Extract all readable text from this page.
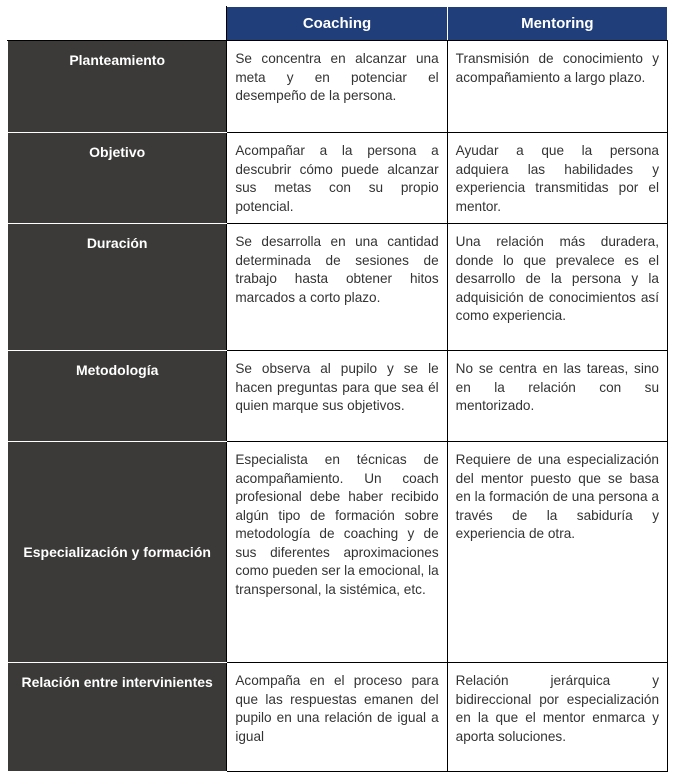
	Coaching	Mentoring
Planteamiento	Se concentra en alcanzar una meta y en potenciar el desempeño de la persona.	Transmisión de conocimiento y acompañamiento a largo plazo.
Objetivo	Acompañar a la persona a descubrir cómo puede alcanzar sus metas con su propio potencial.	Ayudar a que la persona adquiera las habilidades y experiencia transmitidas por el mentor.
Duración	Se desarrolla en una cantidad determinada de sesiones de trabajo hasta obtener hitos marcados a corto plazo.	Una relación más duradera, donde lo que prevalece es el desarrollo de la persona y la adquisición de conocimientos así como experiencia.
Metodología	Se observa al pupilo y se le hacen preguntas para que sea él quien marque sus objetivos.	No se centra en las tareas, sino en la relación con su mentorizado.
Especialización y formación	Especialista en técnicas de acompañamiento. Un coach profesional debe haber recibido algún tipo de formación sobre metodología de coaching y de sus diferentes aproximaciones como pueden ser la emocional, la transpersonal, la sistémica, etc.	Requiere de una especialización del mentor puesto que se basa en la formación de una persona a través de la sabiduría y experiencia de otra.
Relación entre intervinientes	Acompaña en el proceso para que las respuestas emanen del pupilo en una relación de igual a igual	Relación jerárquica y bidireccional por especialización en la que el mentor enmarca y aporta soluciones.
